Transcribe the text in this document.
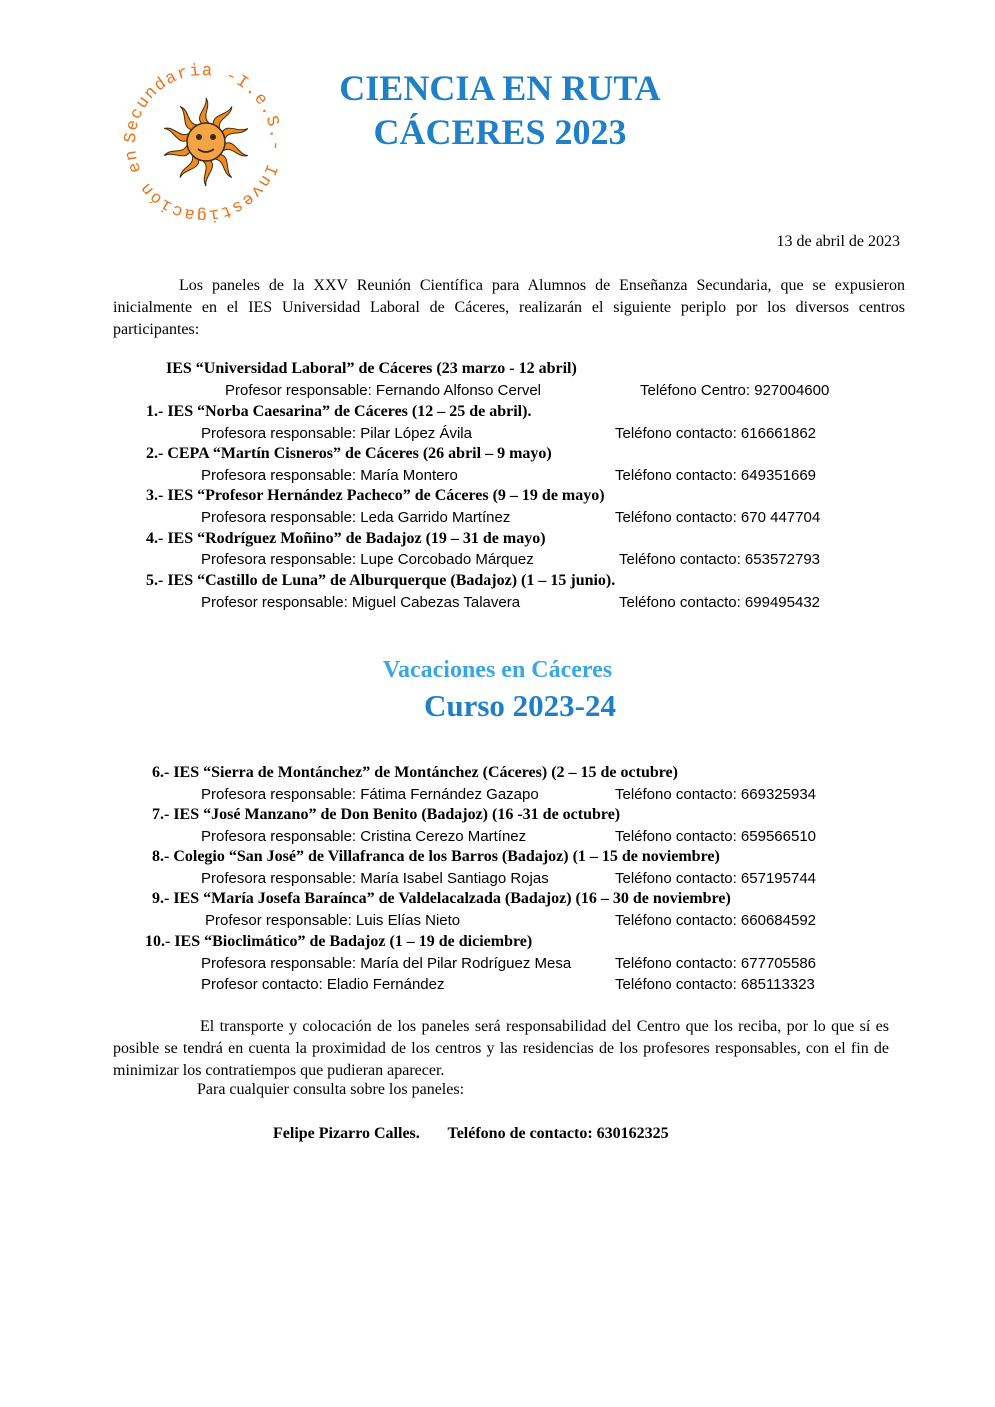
Secundaria -I.e.S.- Investigación en
CIENCIA EN RUTA
CÁCERES 2023
13 de abril de 2023
Los paneles de la XXV Reunión Científica para Alumnos de Enseñanza Secundaria, que se expusieron inicialmente en el IES Universidad Laboral de Cáceres, realizarán el siguiente periplo por los diversos centros participantes:
IES “Universidad Laboral” de Cáceres (23 marzo - 12 abril)
Profesor responsable: Fernando Alfonso Cervel	Teléfono Centro: 927004600
1.- IES “Norba Caesarina” de Cáceres (12 – 25 de abril).
Profesora responsable: Pilar López Ávila	Teléfono contacto: 616661862
2.- CEPA “Martín Cisneros” de Cáceres (26 abril – 9 mayo)
Profesora responsable: María Montero	Teléfono contacto: 649351669
3.- IES “Profesor Hernández Pacheco” de Cáceres (9 – 19 de mayo)
Profesora responsable: Leda Garrido Martínez	Teléfono contacto: 670 447704
4.- IES “Rodríguez Moñino” de Badajoz (19 – 31 de mayo)
Profesora responsable: Lupe Corcobado Márquez	Teléfono contacto: 653572793
5.- IES “Castillo de Luna” de Alburquerque (Badajoz) (1 – 15 junio).
Profesor responsable: Miguel Cabezas Talavera	Teléfono contacto: 699495432
Vacaciones en Cáceres
Curso 2023-24
6.- IES “Sierra de Montánchez” de Montánchez (Cáceres) (2 – 15 de octubre)
Profesora responsable: Fátima Fernández Gazapo	Teléfono contacto: 669325934
7.- IES “José Manzano” de Don Benito (Badajoz) (16 -31 de octubre)
Profesora responsable: Cristina Cerezo Martínez	Teléfono contacto: 659566510
8.- Colegio “San José” de Villafranca de los Barros (Badajoz) (1 – 15 de noviembre)
Profesora responsable: María Isabel Santiago Rojas	Teléfono contacto: 657195744
9.- IES “María Josefa Baraínca” de Valdelacalzada (Badajoz) (16 – 30 de noviembre)
Profesor responsable: Luis Elías Nieto	Teléfono contacto: 660684592
10.- IES “Bioclimático” de Badajoz (1 – 19 de diciembre)
Profesora responsable: María del Pilar Rodríguez Mesa	Teléfono contacto: 677705586
Profesor contacto: Eladio Fernández	Teléfono contacto: 685113323
El transporte y colocación de los paneles será responsabilidad del Centro que los reciba, por lo que sí es posible se tendrá en cuenta la proximidad de los centros y las residencias de los profesores responsables, con el fin de minimizar los contratiempos que pudieran aparecer.
Para cualquier consulta sobre los paneles:
Felipe Pizarro Calles. Teléfono de contacto: 630162325
